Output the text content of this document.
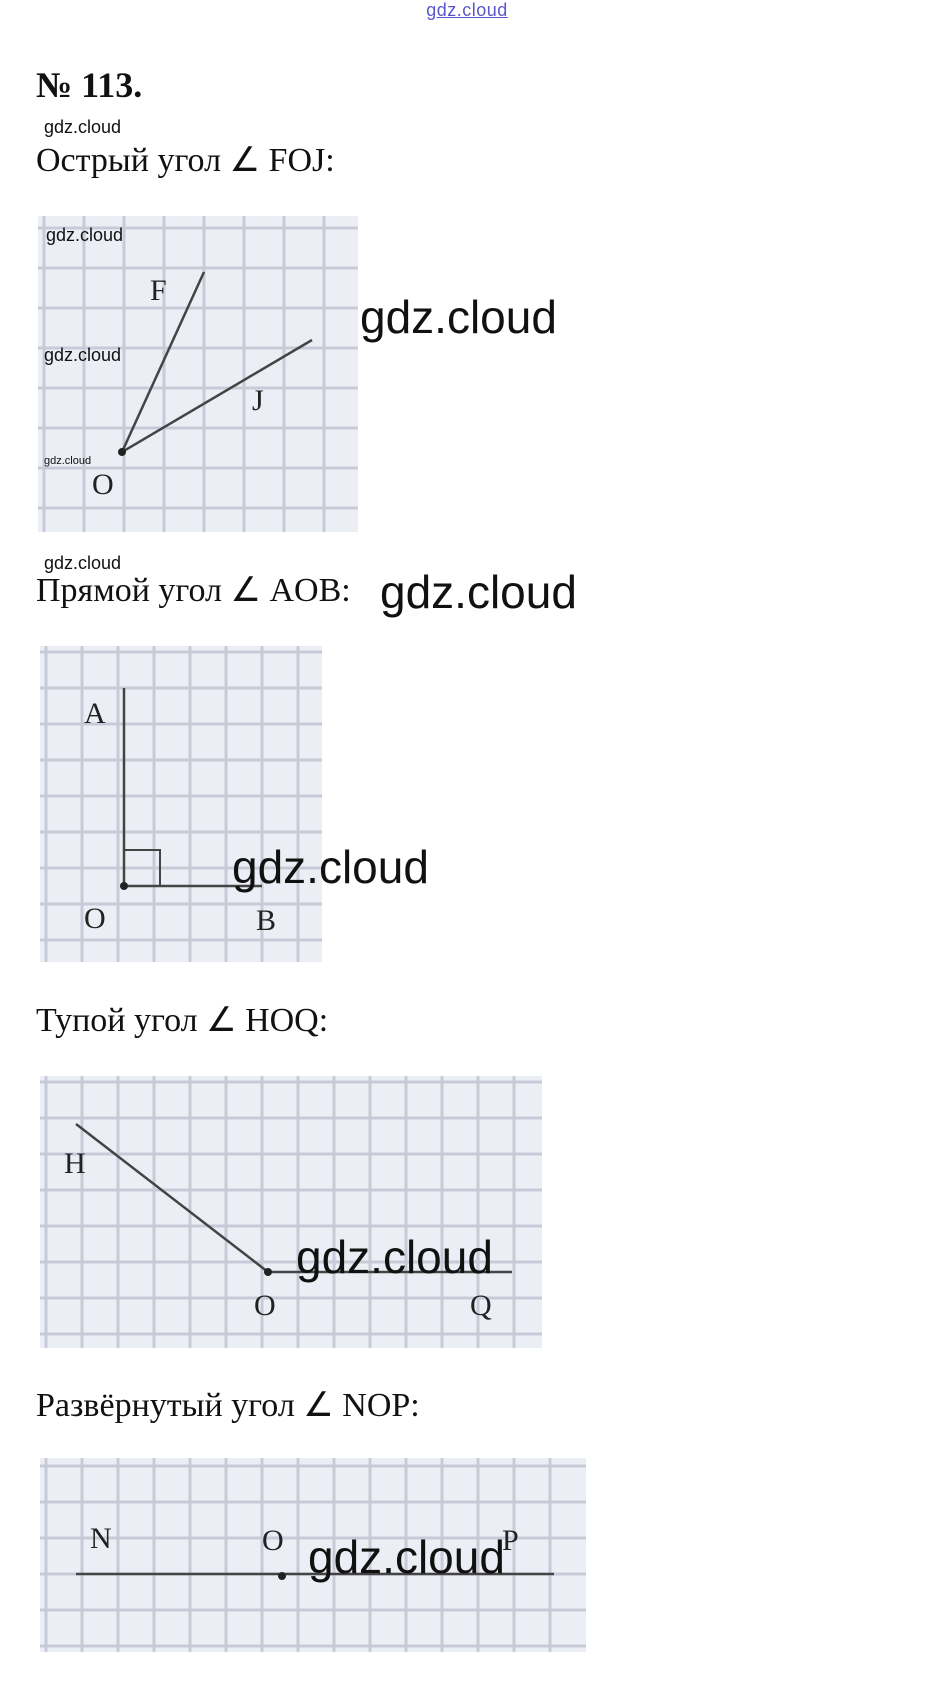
gdz.cloud
№ 113.
gdz.cloud
Острый угол ∠ FOJ:
F
J
O
gdz.cloud
gdz.cloud
gdz.cloud
gdz.cloud
gdz.cloud
Прямой угол ∠ AOB: gdz.cloud
A
B
O
gdz.cloud
Тупой угол ∠ HOQ:
H
Q
O
gdz.cloud
Развёрнутый угол ∠ NOP:
N	O	P
gdz.cloud
